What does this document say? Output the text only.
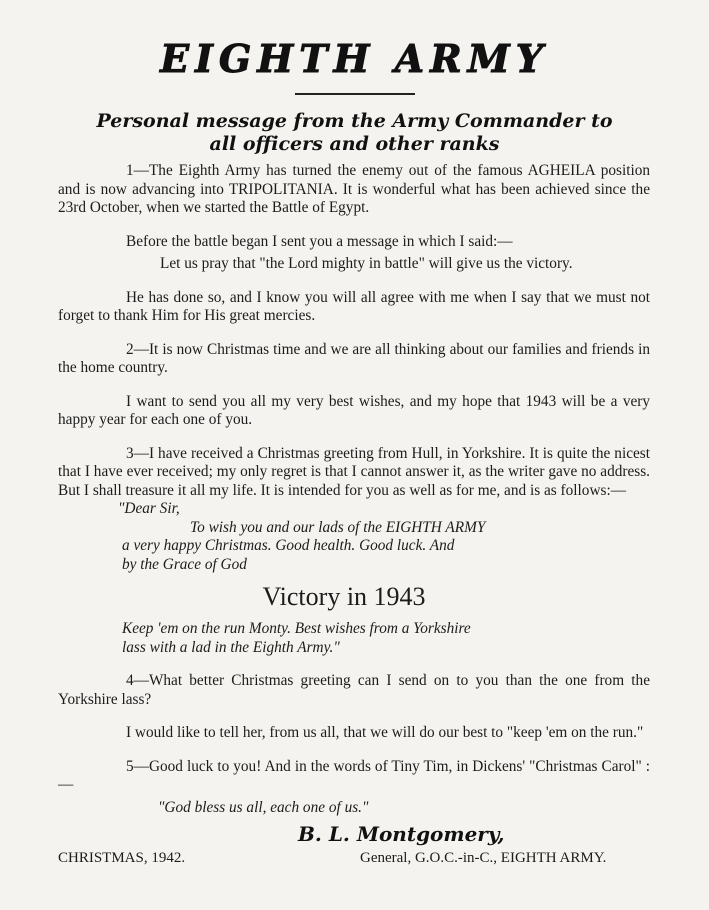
EIGHTH ARMY
Personal message from the Army Commander to
all officers and other ranks

1—The Eighth Army has turned the enemy out of the famous AGHEILA position and is now advancing into TRIPOLITANIA. It is wonderful what has been achieved since the 23rd October, when we started the Battle of Egypt.

Before the battle began I sent you a message in which I said:—

Let us pray that "the Lord mighty in battle" will give us the victory.

He has done so, and I know you will all agree with me when I say that we must not forget to thank Him for His great mercies.

2—It is now Christmas time and we are all thinking about our families and friends in the home country.

I want to send you all my very best wishes, and my hope that 1943 will be a very happy year for each one of you.

3—I have received a Christmas greeting from Hull, in Yorkshire. It is quite the nicest that I have ever received; my only regret is that I cannot answer it, as the writer gave no address. But I shall treasure it all my life. It is intended for you as well as for me, and is as follows:—

"Dear Sir,

To wish you and our lads of the EIGHTH ARMY

a very happy Christmas. Good health. Good luck. And

by the Grace of God

Victory in 1943

Keep 'em on the run Monty. Best wishes from a Yorkshire

lass with a lad in the Eighth Army."

4—What better Christmas greeting can I send on to you than the one from the Yorkshire lass?

I would like to tell her, from us all, that we will do our best to "keep 'em on the run."

5—Good luck to you! And in the words of Tiny Tim, in Dickens' "Christmas Carol" :—

"God bless us all, each one of us."

B. L. Montgomery,
CHRISTMAS, 1942.	General, G.O.C.-in-C., EIGHTH ARMY.
